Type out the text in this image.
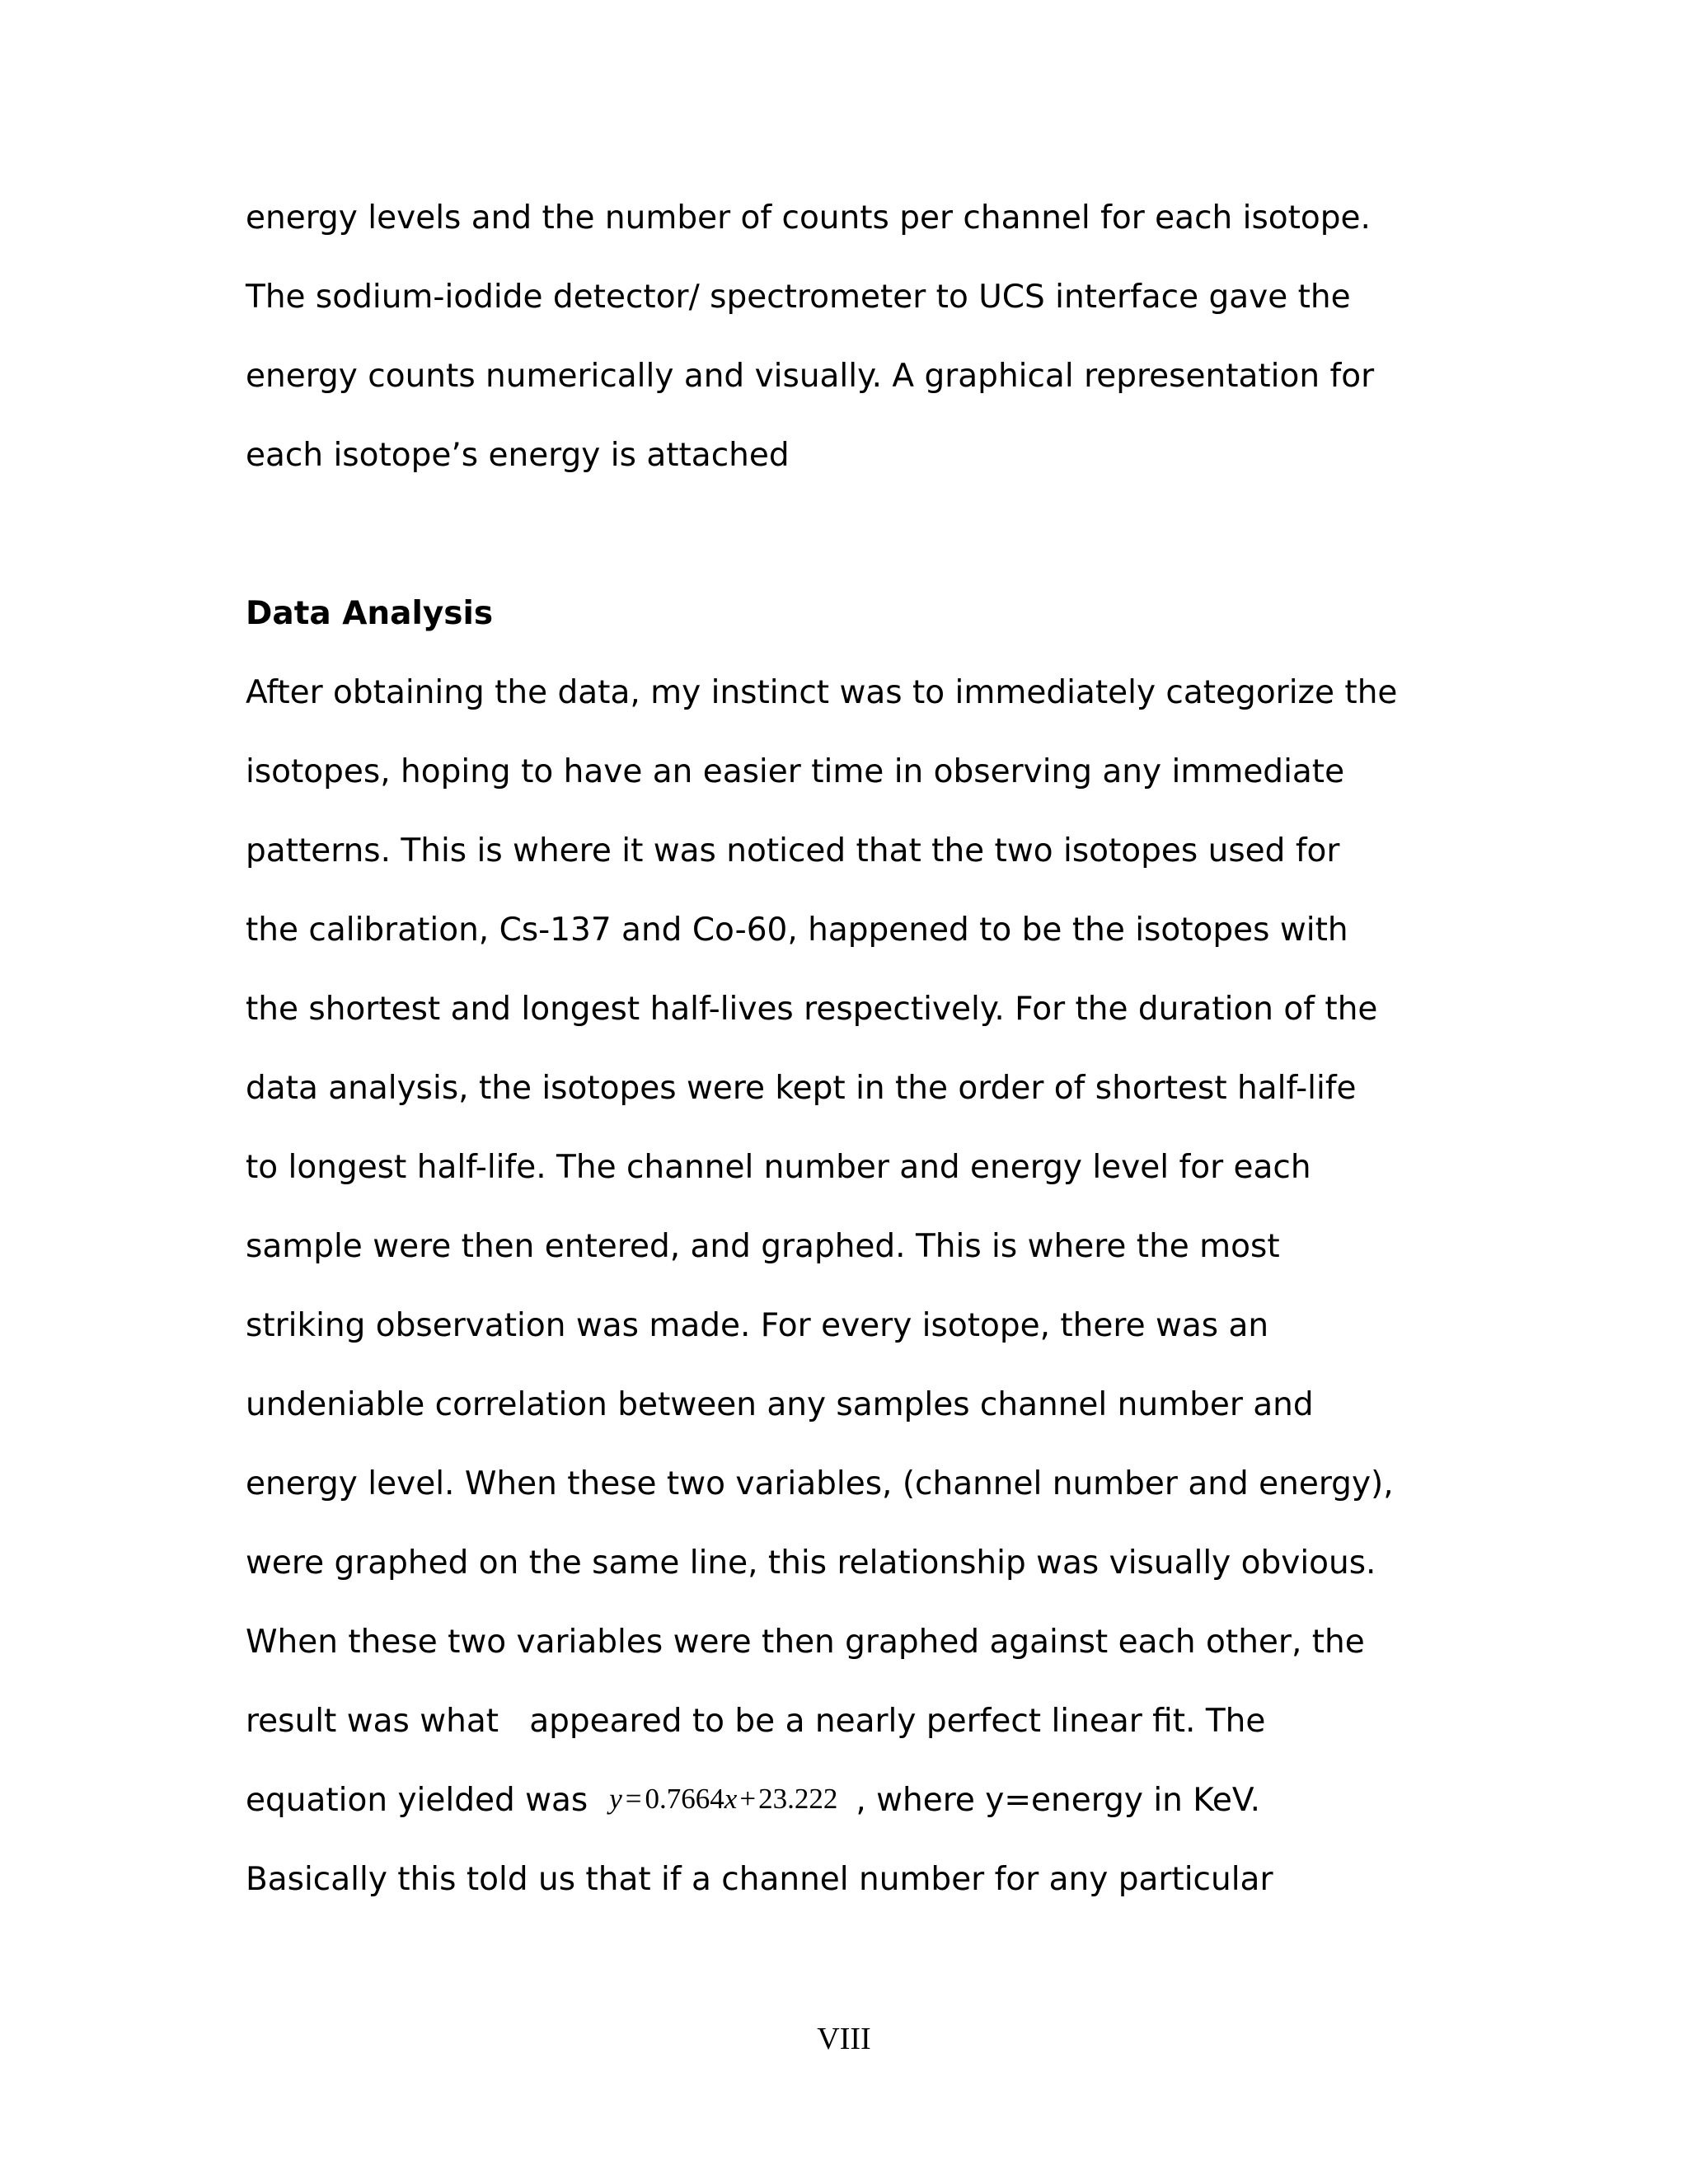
energy levels and the number of counts per channel for each isotope.
The sodium-iodide detector/ spectrometer to UCS interface gave the
energy counts numerically and visually. A graphical representation for
each isotope’s energy is attached
Data Analysis
After obtaining the data, my instinct was to immediately categorize the
isotopes, hoping to have an easier time in observing any immediate
patterns. This is where it was noticed that the two isotopes used for
the calibration, Cs-137 and Co-60, happened to be the isotopes with
the shortest and longest half-lives respectively. For the duration of the
data analysis, the isotopes were kept in the order of shortest half-life
to longest half-life. The channel number and energy level for each
sample were then entered, and graphed. This is where the most
striking observation was made. For every isotope, there was an
undeniable correlation between any samples channel number and
energy level. When these two variables, (channel number and energy),
were graphed on the same line, this relationship was visually obvious.
When these two variables were then graphed against each other, the
result was what   appeared to be a nearly perfect linear fit. The
equation yielded was y = 0.7664x+23.222 , where y=energy in KeV.
Basically this told us that if a channel number for any particular
VIII
